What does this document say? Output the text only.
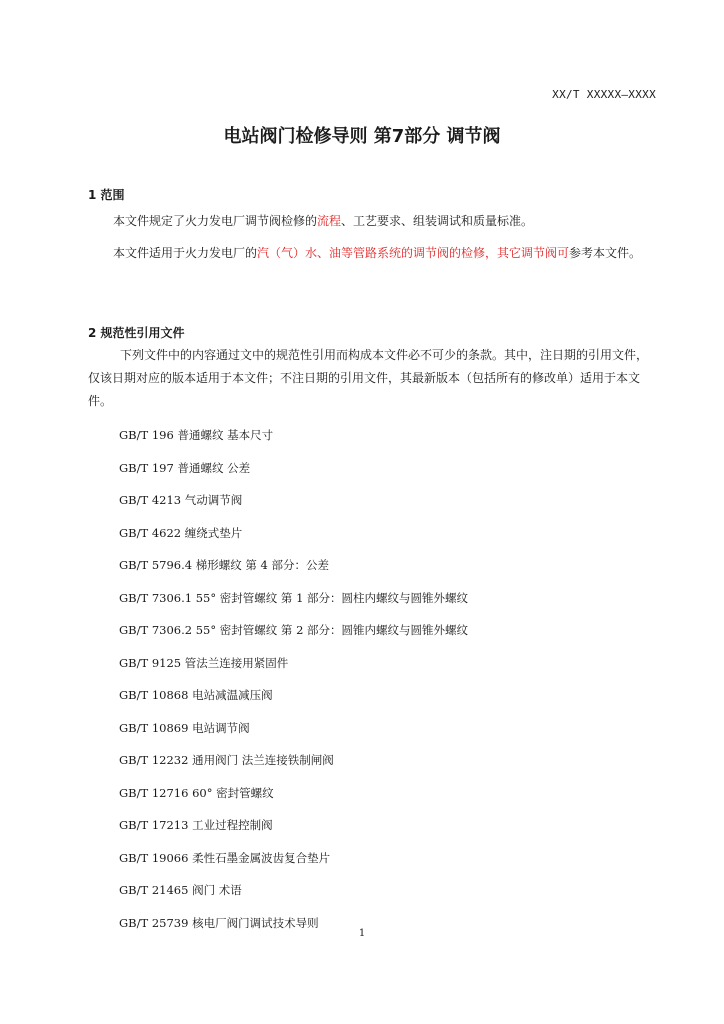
XX/T XXXXX—XXXX
电站阀门检修导则 第7部分 调节阀
1 范围
本文件规定了火力发电厂调节阀检修的流程、工艺要求、组装调试和质量标准。
本文件适用于火力发电厂的汽（气）水、油等管路系统的调节阀的检修，其它调节阀可参考本文件。
2 规范性引用文件
下列文件中的内容通过文中的规范性引用而构成本文件必不可少的条款。其中，注日期的引用文件，仅该日期对应的版本适用于本文件；不注日期的引用文件，其最新版本（包括所有的修改单）适用于本文件。
GB/T 196 普通螺纹 基本尺寸
GB/T 197 普通螺纹 公差
GB/T 4213 气动调节阀
GB/T 4622 缠绕式垫片
GB/T 5796.4 梯形螺纹 第 4 部分：公差
GB/T 7306.1 55° 密封管螺纹 第 1 部分：圆柱内螺纹与圆锥外螺纹
GB/T 7306.2 55° 密封管螺纹 第 2 部分：圆锥内螺纹与圆锥外螺纹
GB/T 9125 管法兰连接用紧固件
GB/T 10868 电站减温减压阀
GB/T 10869 电站调节阀
GB/T 12232 通用阀门 法兰连接铁制闸阀
GB/T 12716 60° 密封管螺纹
GB/T 17213 工业过程控制阀
GB/T 19066 柔性石墨金属波齿复合垫片
GB/T 21465 阀门 术语
GB/T 25739 核电厂阀门调试技术导则
1
